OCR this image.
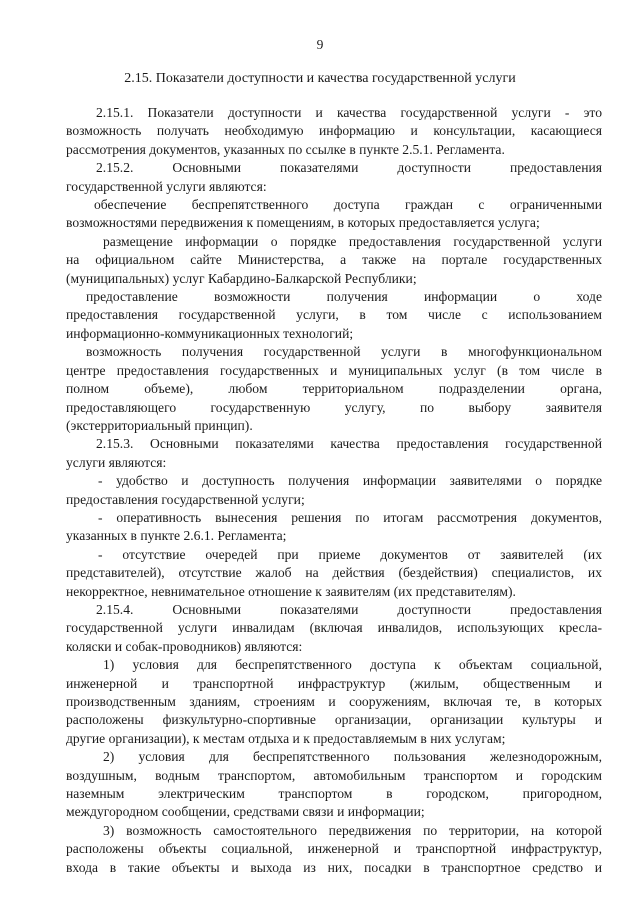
9
2.15. Показатели доступности и качества государственной услуги

2.15.1. Показатели доступности и качества государственной услуги - это

возможность получать необходимую информацию и консультации, касающиеся

рассмотрения документов, указанных по ссылке в пункте 2.5.1. Регламента.

2.15.2. Основными показателями доступности предоставления

государственной услуги являются:

обеспечение беспрепятственного доступа граждан с ограниченными

возможностями передвижения к помещениям, в которых предоставляется услуга;

размещение информации о порядке предоставления государственной услуги

на официальном сайте Министерства, а также на портале государственных

(муниципальных) услуг Кабардино-Балкарской Республики;

предоставление возможности получения информации о ходе

предоставления государственной услуги, в том числе с использованием

информационно-коммуникационных технологий;

возможность получения государственной услуги в многофункциональном

центре предоставления государственных и муниципальных услуг (в том числе в

полном объеме), любом территориальном подразделении органа,

предоставляющего государственную услугу, по выбору заявителя

(экстерриториальный принцип).

2.15.3. Основными показателями качества предоставления государственной

услуги являются:

- удобство и доступность получения информации заявителями о порядке

предоставления государственной услуги;

- оперативность вынесения решения по итогам рассмотрения документов,

указанных в пункте 2.6.1. Регламента;

- отсутствие очередей при приеме документов от заявителей (их

представителей), отсутствие жалоб на действия (бездействия) специалистов, их

некорректное, невнимательное отношение к заявителям (их представителям).

2.15.4. Основными показателями доступности предоставления

государственной услуги инвалидам (включая инвалидов, использующих кресла-

коляски и собак-проводников) являются:

1) условия для беспрепятственного доступа к объектам социальной,

инженерной и транспортной инфраструктур (жилым, общественным и

производственным зданиям, строениям и сооружениям, включая те, в которых

расположены физкультурно-спортивные организации, организации культуры и

другие организации), к местам отдыха и к предоставляемым в них услугам;

2) условия для беспрепятственного пользования железнодорожным,

воздушным, водным транспортом, автомобильным транспортом и городским

наземным электрическим транспортом в городском, пригородном,

междугородном сообщении, средствами связи и информации;

3) возможность самостоятельного передвижения по территории, на которой

расположены объекты социальной, инженерной и транспортной инфраструктур,

входа в такие объекты и выхода из них, посадки в транспортное средство и
